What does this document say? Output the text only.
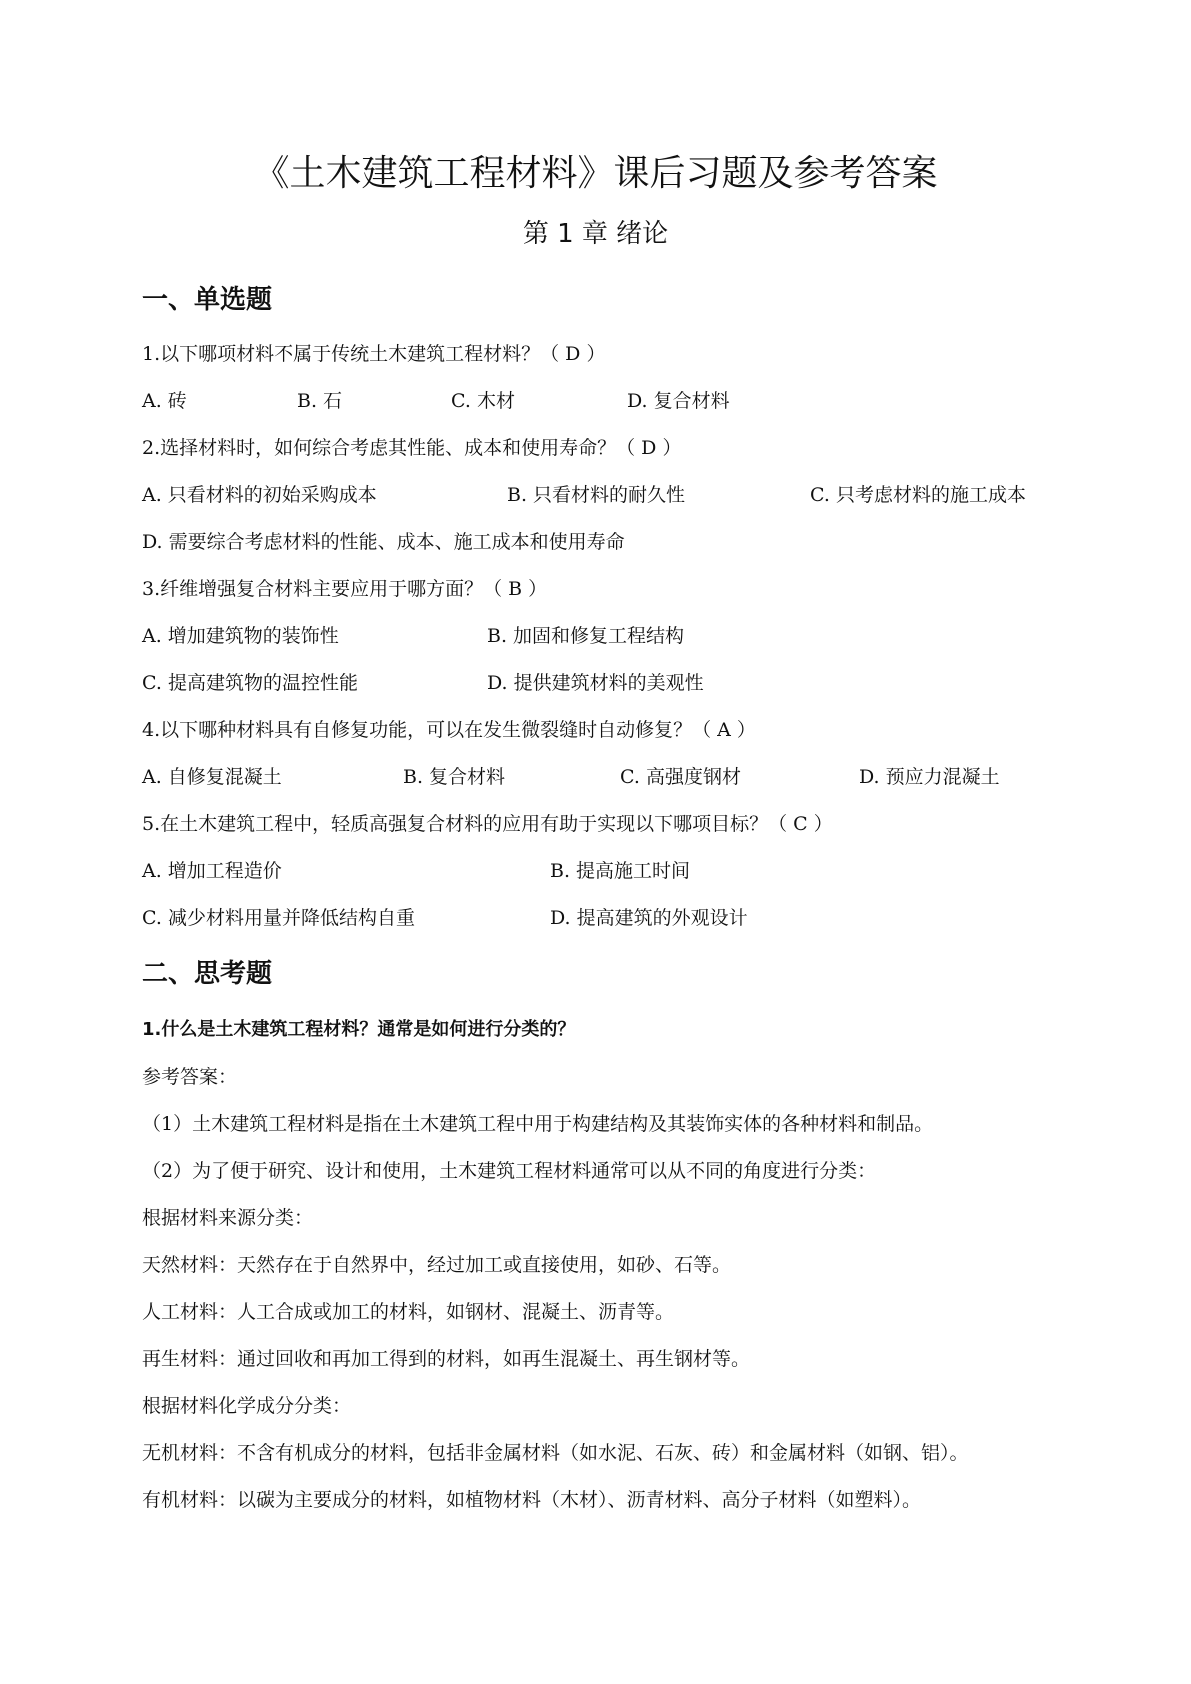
《土木建筑工程材料》课后习题及参考答案
第 1 章 绪论
一、单选题
1.以下哪项材料不属于传统土木建筑工程材料？（ D ）
A. 砖	B. 石	C. 木材	D. 复合材料
2.选择材料时，如何综合考虑其性能、成本和使用寿命？（ D ）
A. 只看材料的初始采购成本	B. 只看材料的耐久性	C. 只考虑材料的施工成本
D. 需要综合考虑材料的性能、成本、施工成本和使用寿命
3.纤维增强复合材料主要应用于哪方面？（ B ）
A. 增加建筑物的装饰性	B. 加固和修复工程结构
C. 提高建筑物的温控性能	D. 提供建筑材料的美观性
4.以下哪种材料具有自修复功能，可以在发生微裂缝时自动修复？（ A ）
A. 自修复混凝土	B. 复合材料	C. 高强度钢材	D. 预应力混凝土
5.在土木建筑工程中，轻质高强复合材料的应用有助于实现以下哪项目标？（ C ）
A. 增加工程造价	B. 提高施工时间
C. 减少材料用量并降低结构自重	D. 提高建筑的外观设计
二、思考题
1.什么是土木建筑工程材料？通常是如何进行分类的？
参考答案：
（1）土木建筑工程材料是指在土木建筑工程中用于构建结构及其装饰实体的各种材料和制品。
（2）为了便于研究、设计和使用，土木建筑工程材料通常可以从不同的角度进行分类：
根据材料来源分类：
天然材料：天然存在于自然界中，经过加工或直接使用，如砂、石等。
人工材料：人工合成或加工的材料，如钢材、混凝土、沥青等。
再生材料：通过回收和再加工得到的材料，如再生混凝土、再生钢材等。
根据材料化学成分分类：
无机材料：不含有机成分的材料，包括非金属材料（如水泥、石灰、砖）和金属材料（如钢、铝）。
有机材料：以碳为主要成分的材料，如植物材料（木材）、沥青材料、高分子材料（如塑料）。
